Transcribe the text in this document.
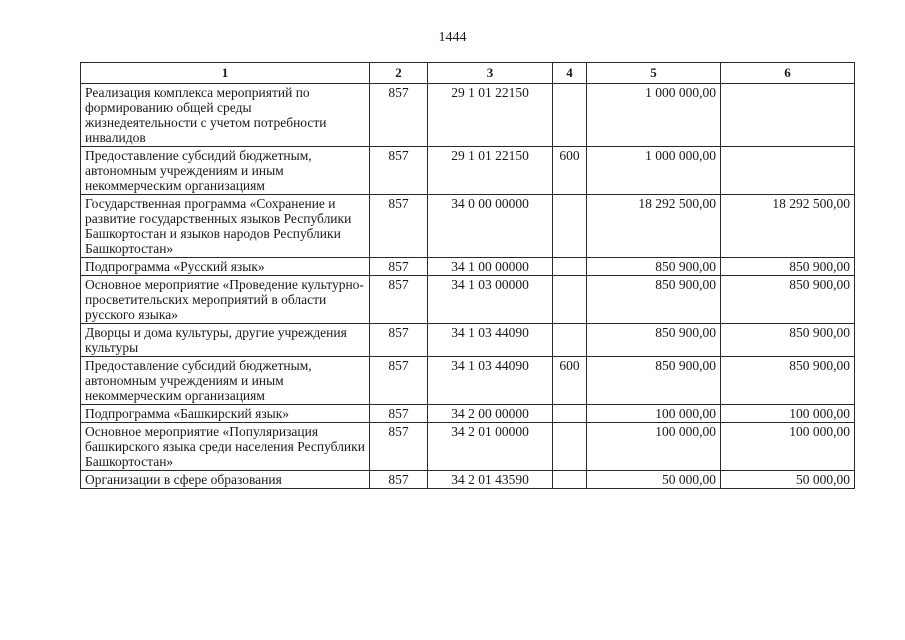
1444
1	2	3	4	5	6
Реализация комплекса мероприятий по формированию общей среды жизнедеятельности с учетом потребности инвалидов	857	29 1 01 22150		1 000 000,00	
Предоставление субсидий бюджетным, автономным учреждениям и иным некоммерческим организациям	857	29 1 01 22150	600	1 000 000,00	
Государственная программа «Сохранение и развитие государственных языков Республики Башкортостан и языков народов Республики Башкортостан»	857	34 0 00 00000		18 292 500,00	18 292 500,00
Подпрограмма «Русский язык»	857	34 1 00 00000		850 900,00	850 900,00
Основное мероприятие «Проведение культурно-просветительских мероприятий в области русского языка»	857	34 1 03 00000		850 900,00	850 900,00
Дворцы и дома культуры, другие учреждения культуры	857	34 1 03 44090		850 900,00	850 900,00
Предоставление субсидий бюджетным, автономным учреждениям и иным некоммерческим организациям	857	34 1 03 44090	600	850 900,00	850 900,00
Подпрограмма «Башкирский язык»	857	34 2 00 00000		100 000,00	100 000,00
Основное мероприятие «Популяризация башкирского языка среди населения Республики Башкортостан»	857	34 2 01 00000		100 000,00	100 000,00
Организации в сфере образования	857	34 2 01 43590		50 000,00	50 000,00
